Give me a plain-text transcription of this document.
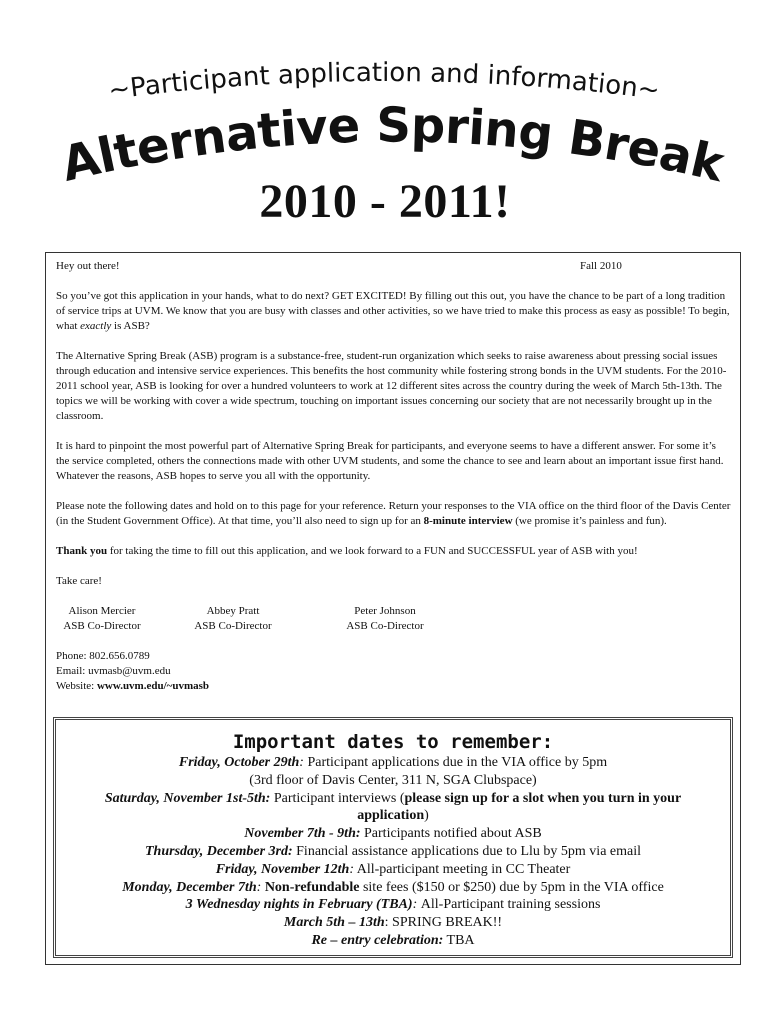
~Participant application and information~
Alternative Spring Break
2010 - 2011!
Hey out there!	Fall 2010

So you’ve got this application in your hands, what to do next? GET EXCITED! By filling out this out, you have the chance to be part of a long tradition of service trips at UVM. We know that you are busy with classes and other activities, so we have tried to make this process as easy as possible! To begin, what exactly is ASB?

The Alternative Spring Break (ASB) program is a substance-free, student-run organization which seeks to raise awareness about pressing social issues through education and intensive service experiences. This benefits the host community while fostering strong bonds in the UVM students. For the 2010-2011 school year, ASB is looking for over a hundred volunteers to work at 12 different sites across the country during the week of March 5th-13th. The topics we will be working with cover a wide spectrum, touching on important issues concerning our society that are not necessarily brought up in the classroom.

It is hard to pinpoint the most powerful part of Alternative Spring Break for participants, and everyone seems to have a different answer. For some it’s the service completed, others the connections made with other UVM students, and some the chance to see and learn about an important issue first hand. Whatever the reasons, ASB hopes to serve you all with the opportunity.

Please note the following dates and hold on to this page for your reference. Return your responses to the VIA office on the third floor of the Davis Center (in the Student Government Office). At that time, you’ll also need to sign up for an 8-minute interview (we promise it’s painless and fun).

Thank you for taking the time to fill out this application, and we look forward to a FUN and SUCCESSFUL year of ASB with you!

Take care!

Alison Mercier
ASB Co-Director
Abbey Pratt
ASB Co-Director
Peter Johnson
ASB Co-Director
Phone: 802.656.0789
Email: uvmasb@uvm.edu
Website: www.uvm.edu/~uvmasb
Important dates to remember:
Friday, October 29th: Participant applications due in the VIA office by 5pm
(3rd floor of Davis Center, 311 N, SGA Clubspace)
Saturday, November 1st-5th: Participant interviews (please sign up for a slot when you turn in your application)
November 7th - 9th: Participants notified about ASB
Thursday, December 3rd: Financial assistance applications due to Llu by 5pm via email
Friday, November 12th: All-participant meeting in CC Theater
Monday, December 7th: Non-refundable site fees ($150 or $250) due by 5pm in the VIA office
3 Wednesday nights in February (TBA): All-Participant training sessions
March 5th – 13th: SPRING BREAK!!
Re – entry celebration: TBA
